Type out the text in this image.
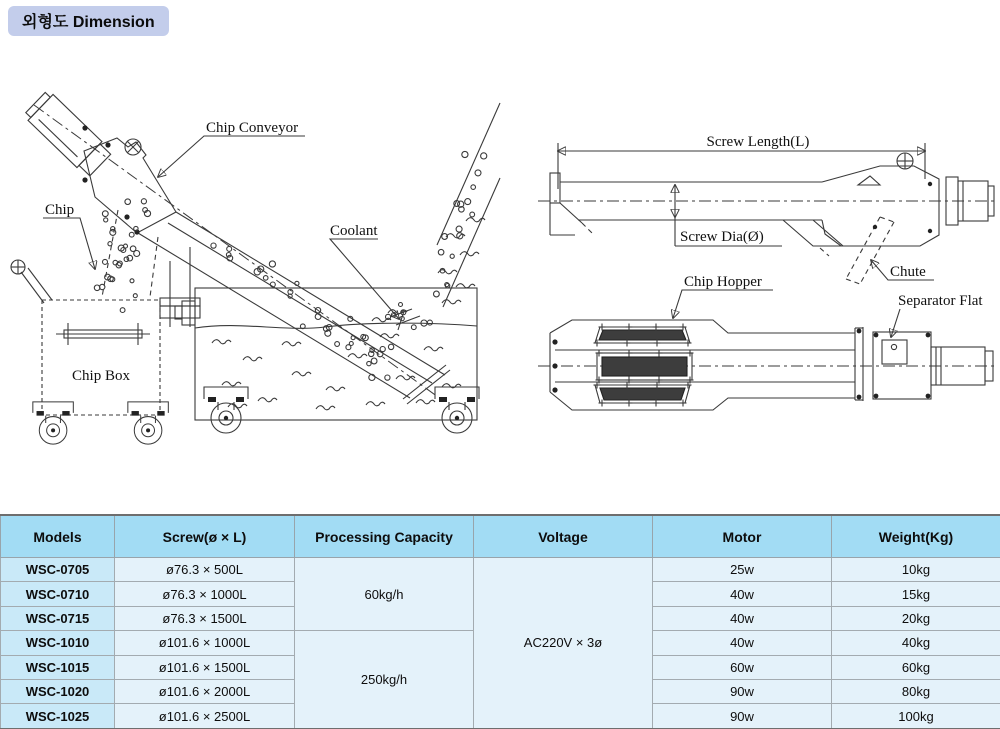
외형도 Dimension
Chip Box
Chip Conveyor
Chip
Coolant
Screw Length(L)
Screw Dia(Ø)
Chute
Chip Hopper
Separator Flat
Models	Screw(ø × L)	Processing Capacity	Voltage	Motor	Weight(Kg)
WSC-0705	ø76.3 × 500L	60kg/h	AC220V × 3ø	25w	10kg
WSC-0710	ø76.3 × 1000L			40w	15kg
WSC-0715	ø76.3 × 1500L			40w	20kg
WSC-1010	ø101.6 × 1000L	250kg/h		40w	40kg
WSC-1015	ø101.6 × 1500L			60w	60kg
WSC-1020	ø101.6 × 2000L			90w	80kg
WSC-1025	ø101.6 × 2500L			90w	100kg
